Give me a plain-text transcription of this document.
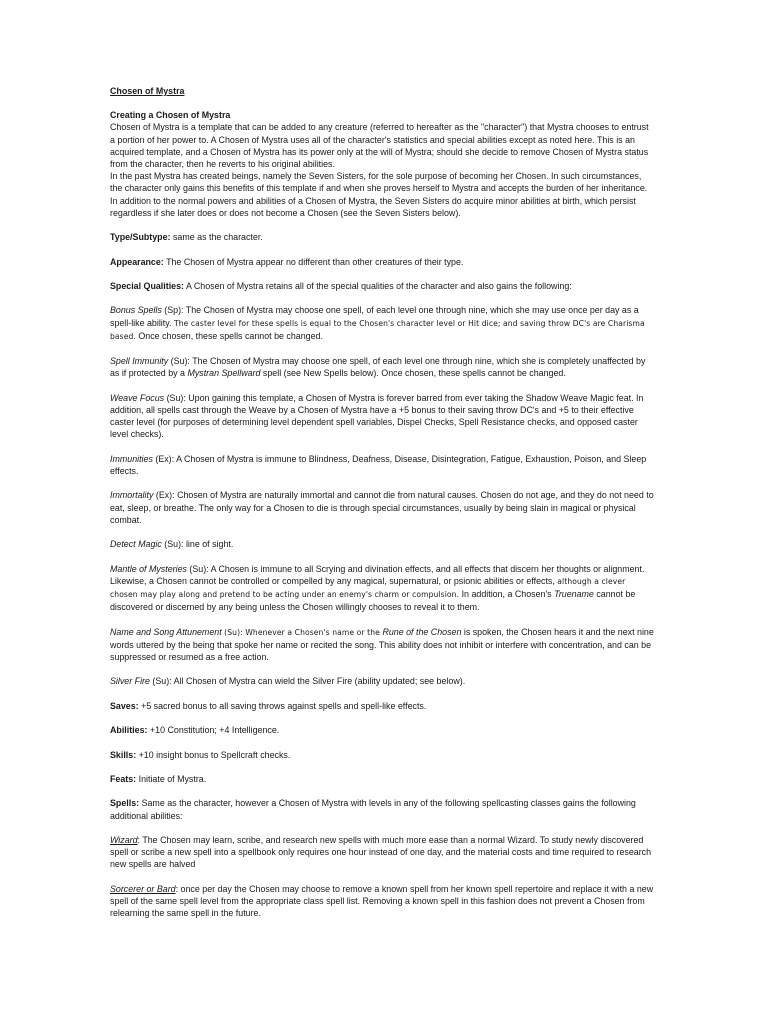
Chosen of Mystra
Creating a Chosen of Mystra

Chosen of Mystra is a template that can be added to any creature (referred to hereafter as the "character") that Mystra chooses to entrust a portion of her power to. A Chosen of Mystra uses all of the character's statistics and special abilities except as noted here. This is an acquired template, and a Chosen of Mystra has its power only at the will of Mystra; should she decide to remove Chosen of Mystra status from the character, then he reverts to his original abilities.

In the past Mystra has created beings, namely the Seven Sisters, for the sole purpose of becoming her Chosen. In such circumstances, the character only gains this benefits of this template if and when she proves herself to Mystra and accepts the burden of her inheritance. In addition to the normal powers and abilities of a Chosen of Mystra, the Seven Sisters do acquire minor abilities at birth, which persist regardless if she later does or does not become a Chosen (see the Seven Sisters below).

Type/Subtype: same as the character.

Appearance: The Chosen of Mystra appear no different than other creatures of their type.

Special Qualities: A Chosen of Mystra retains all of the special qualities of the character and also gains the following:

Bonus Spells (Sp): The Chosen of Mystra may choose one spell, of each level one through nine, which she may use once per day as a spell-like ability. The caster level for these spells is equal to the Chosen's character level or Hit dice; and saving throw DC's are Charisma based. Once chosen, these spells cannot be changed.

Spell Immunity (Su): The Chosen of Mystra may choose one spell, of each level one through nine, which she is completely unaffected by as if protected by a Mystran Spellward spell (see New Spells below). Once chosen, these spells cannot be changed.

Weave Focus (Su): Upon gaining this template, a Chosen of Mystra is forever barred from ever taking the Shadow Weave Magic feat. In addition, all spells cast through the Weave by a Chosen of Mystra have a +5 bonus to their saving throw DC's and +5 to their effective caster level (for purposes of determining level dependent spell variables, Dispel Checks, Spell Resistance checks, and opposed caster level checks).

Immunities (Ex): A Chosen of Mystra is immune to Blindness, Deafness, Disease, Disintegration, Fatigue, Exhaustion, Poison, and Sleep effects.

Immortality (Ex): Chosen of Mystra are naturally immortal and cannot die from natural causes. Chosen do not age, and they do not need to eat, sleep, or breathe. The only way for a Chosen to die is through special circumstances, usually by being slain in magical or physical combat.

Detect Magic (Su): line of sight.

Mantle of Mysteries (Su): A Chosen is immune to all Scrying and divination effects, and all effects that discern her thoughts or alignment. Likewise, a Chosen cannot be controlled or compelled by any magical, supernatural, or psionic abilities or effects, although a clever chosen may play along and pretend to be acting under an enemy's charm or compulsion. In addition, a Chosen's Truename cannot be discovered or discerned by any being unless the Chosen willingly chooses to reveal it to them.

Name and Song Attunement (Su): Whenever a Chosen's name or the Rune of the Chosen is spoken, the Chosen hears it and the next nine words uttered by the being that spoke her name or recited the song. This ability does not inhibit or interfere with concentration, and can be suppressed or resumed as a free action.

Silver Fire (Su): All Chosen of Mystra can wield the Silver Fire (ability updated; see below).

Saves: +5 sacred bonus to all saving throws against spells and spell-like effects.

Abilities: +10 Constitution; +4 Intelligence.

Skills: +10 insight bonus to Spellcraft checks.

Feats: Initiate of Mystra.

Spells: Same as the character, however a Chosen of Mystra with levels in any of the following spellcasting classes gains the following additional abilities:

Wizard: The Chosen may learn, scribe, and research new spells with much more ease than a normal Wizard. To study newly discovered spell or scribe a new spell into a spellbook only requires one hour instead of one day, and the material costs and time required to research new spells are halved

Sorcerer or Bard: once per day the Chosen may choose to remove a known spell from her known spell repertoire and replace it with a new spell of the same spell level from the appropriate class spell list. Removing a known spell in this fashion does not prevent a Chosen from relearning the same spell in the future.
